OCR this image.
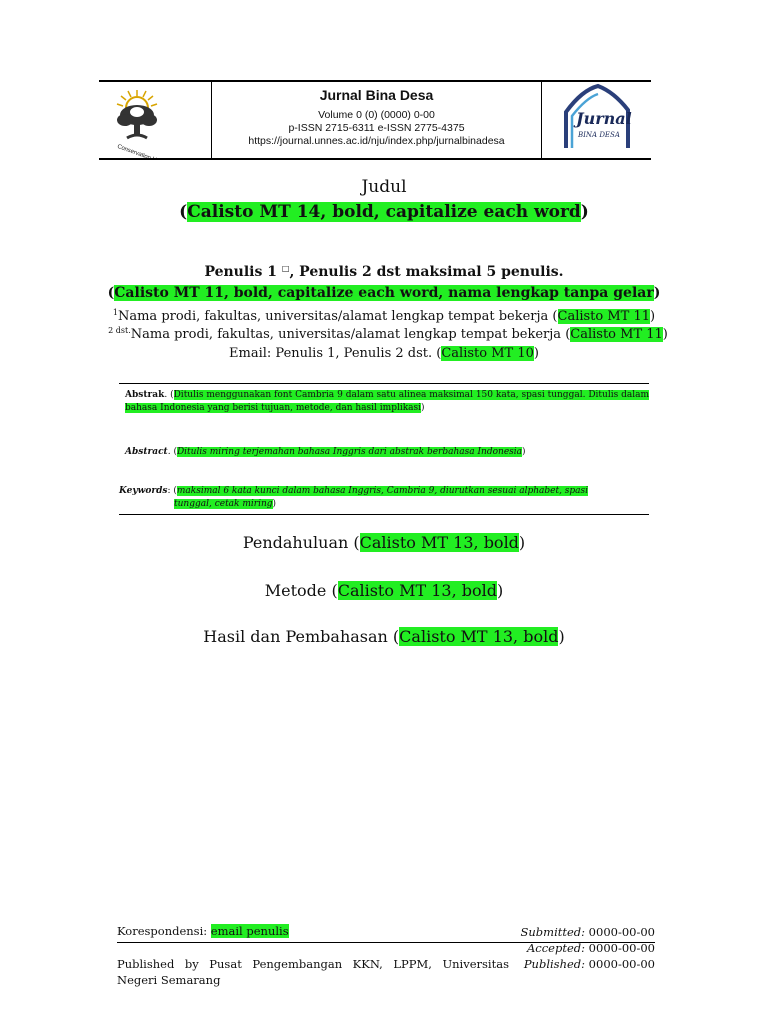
Conservation University
Jurnal Bina Desa
Volume 0 (0) (0000) 0-00
p-ISSN 2715-6311 e-ISSN 2775-4375
https://journal.unnes.ac.id/nju/index.php/jurnalbinadesa
Jurnal
BINA DESA
Judul
(Calisto MT 14, bold, capitalize each word)
Penulis 1 □, Penulis 2 dst maksimal 5 penulis.
(Calisto MT 11, bold, capitalize each word, nama lengkap tanpa gelar)
$^1$Nama prodi, fakultas, universitas/alamat lengkap tempat bekerja (Calisto MT 11)
$^{2 dst.}$Nama prodi, fakultas, universitas/alamat lengkap tempat bekerja (Calisto MT 11)
Email: Penulis 1, Penulis 2 dst. (Calisto MT 10)
Abstrak. (Ditulis menggunakan font Cambria 9 dalam satu alinea maksimal 150 kata, spasi tunggal. Ditulis dalam bahasa Indonesia yang berisi tujuan, metode, dan hasil implikasi)
Abstract. (Ditulis miring terjemahan bahasa Inggris dari abstrak berbahasa Indonesia)
Keywords: (maksimal 6 kata kunci dalam bahasa Inggris, Cambria 9, diurutkan sesuai alphabet, spasi
tunggal, cetak miring)
Pendahuluan (Calisto MT 13, bold)
Metode (Calisto MT 13, bold)
Hasil dan Pembahasan (Calisto MT 13, bold)
Korespondensi: email penulis	Submitted: 0000-00-00
Accepted: 0000-00-00
Published: 0000-00-00
Published by Pusat Pengembangan KKN, LPPM, Universitas Negeri Semarang
